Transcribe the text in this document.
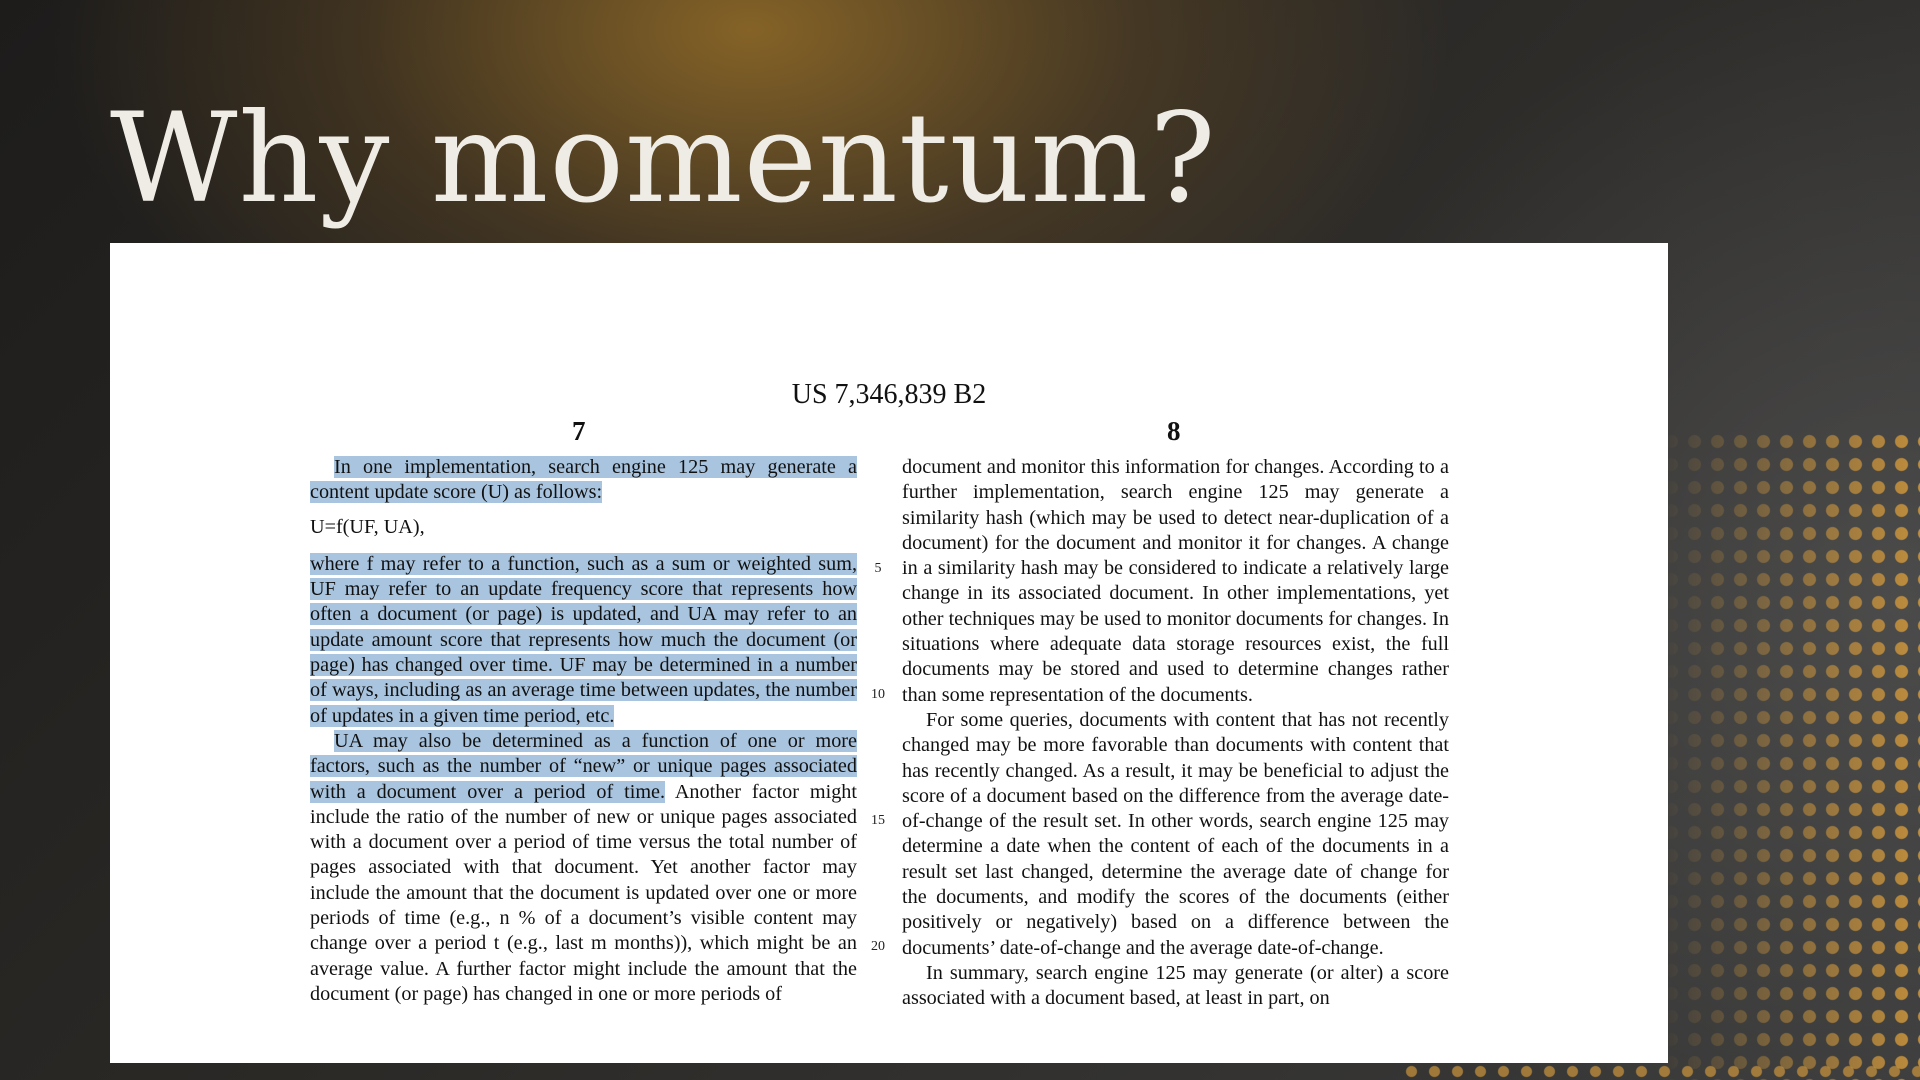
Why momentum?
US 7,346,839 B2
7	8

In one implementation, search engine 125 may generate a content update score (U) as follows:

U=f(UF, UA),

where f may refer to a function, such as a sum or weighted sum, UF may refer to an update frequency score that represents how often a document (or page) is updated, and UA may refer to an update amount score that represents how much the document (or page) has changed over time. UF may be determined in a number of ways, including as an average time between updates, the number of updates in a given time period, etc.

UA may also be determined as a function of one or more factors, such as the number of “new” or unique pages associated with a document over a period of time. Another factor might include the ratio of the number of new or unique pages associated with a document over a period of time versus the total number of pages associated with that document. Yet another factor may include the amount that the document is updated over one or more periods of time (e.g., n % of a document’s visible content may change over a period t (e.g., last m months)), which might be an average value. A further factor might include the amount that the document (or page) has changed in one or more periods of

5
10
15
20

document and monitor this information for changes. According to a further implementation, search engine 125 may generate a similarity hash (which may be used to detect near-duplication of a document) for the document and monitor it for changes. A change in a similarity hash may be considered to indicate a relatively large change in its associated document. In other implementations, yet other techniques may be used to monitor documents for changes. In situations where adequate data storage resources exist, the full documents may be stored and used to determine changes rather than some representation of the documents.

For some queries, documents with content that has not recently changed may be more favorable than documents with content that has recently changed. As a result, it may be beneficial to adjust the score of a document based on the difference from the average date-of-change of the result set. In other words, search engine 125 may determine a date when the content of each of the documents in a result set last changed, determine the average date of change for the documents, and modify the scores of the documents (either positively or negatively) based on a difference between the documents’ date-of-change and the average date-of-change.

In summary, search engine 125 may generate (or alter) a score associated with a document based, at least in part, on
